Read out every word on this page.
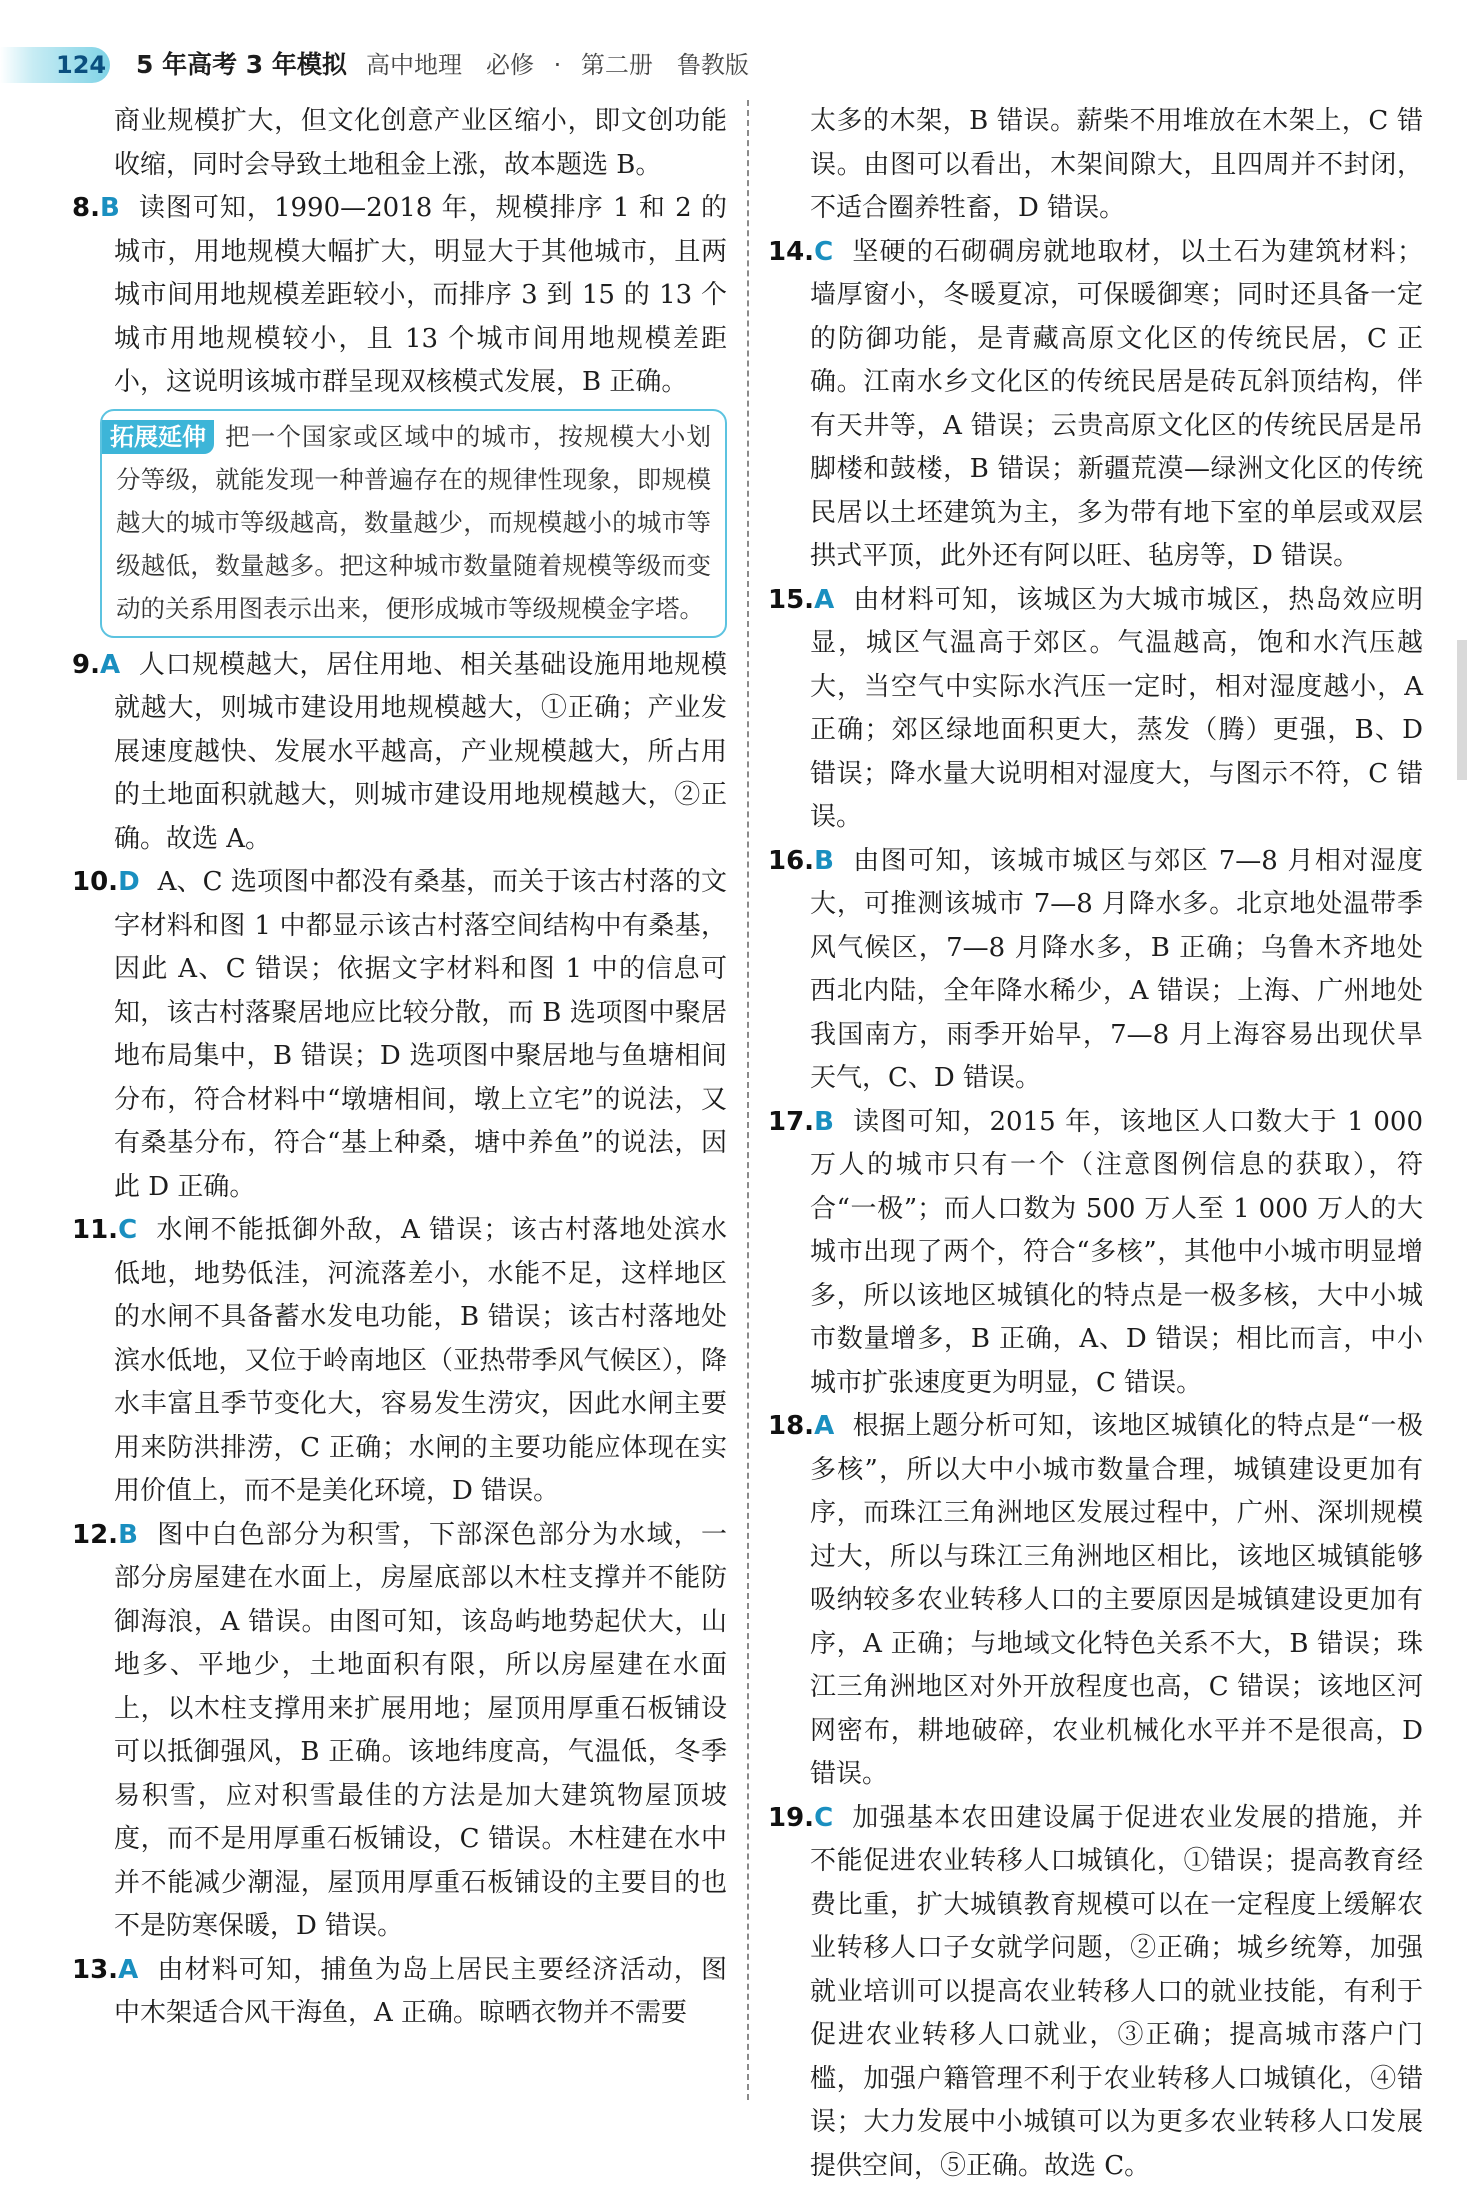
124 5 年高考 3 年模拟 高中地理　必修 · 第二册　鲁教版
商业规模扩大，但文化创意产业区缩小，即文创功能收缩，同时会导致土地租金上涨，故本题选 B。
8.B 读图可知，1990—2018 年，规模排序 1 和 2 的城市，用地规模大幅扩大，明显大于其他城市，且两城市间用地规模差距较小，而排序 3 到 15 的 13 个城市用地规模较小，且 13 个城市间用地规模差距小，这说明该城市群呈现双核模式发展，B 正确。
拓展延伸 把一个国家或区域中的城市，按规模大小划分等级，就能发现一种普遍存在的规律性现象，即规模越大的城市等级越高，数量越少，而规模越小的城市等级越低，数量越多。把这种城市数量随着规模等级而变动的关系用图表示出来，便形成城市等级规模金字塔。
9.A 人口规模越大，居住用地、相关基础设施用地规模就越大，则城市建设用地规模越大，①正确；产业发展速度越快、发展水平越高，产业规模越大，所占用的土地面积就越大，则城市建设用地规模越大，②正确。故选 A。
10.D A、C 选项图中都没有桑基，而关于该古村落的文字材料和图 1 中都显示该古村落空间结构中有桑基，因此 A、C 错误；依据文字材料和图 1 中的信息可知，该古村落聚居地应比较分散，而 B 选项图中聚居地布局集中，B 错误；D 选项图中聚居地与鱼塘相间分布，符合材料中“墩塘相间，墩上立宅”的说法，又有桑基分布，符合“基上种桑，塘中养鱼”的说法，因此 D 正确。
11.C 水闸不能抵御外敌，A 错误；该古村落地处滨水低地，地势低洼，河流落差小，水能不足，这样地区的水闸不具备蓄水发电功能，B 错误；该古村落地处滨水低地，又位于岭南地区（亚热带季风气候区），降水丰富且季节变化大，容易发生涝灾，因此水闸主要用来防洪排涝，C 正确；水闸的主要功能应体现在实用价值上，而不是美化环境，D 错误。
12.B 图中白色部分为积雪，下部深色部分为水域，一部分房屋建在水面上，房屋底部以木柱支撑并不能防御海浪，A 错误。由图可知，该岛屿地势起伏大，山地多、平地少，土地面积有限，所以房屋建在水面上，以木柱支撑用来扩展用地；屋顶用厚重石板铺设可以抵御强风，B 正确。该地纬度高，气温低，冬季易积雪，应对积雪最佳的方法是加大建筑物屋顶坡度，而不是用厚重石板铺设，C 错误。木柱建在水中并不能减少潮湿，屋顶用厚重石板铺设的主要目的也不是防寒保暖，D 错误。
13.A 由材料可知，捕鱼为岛上居民主要经济活动，图中木架适合风干海鱼，A 正确。晾晒衣物并不需要
太多的木架，B 错误。薪柴不用堆放在木架上，C 错误。由图可以看出，木架间隙大，且四周并不封闭，不适合圈养牲畜，D 错误。
14.C 坚硬的石砌碉房就地取材，以土石为建筑材料；墙厚窗小，冬暖夏凉，可保暖御寒；同时还具备一定的防御功能，是青藏高原文化区的传统民居，C 正确。江南水乡文化区的传统民居是砖瓦斜顶结构，伴有天井等，A 错误；云贵高原文化区的传统民居是吊脚楼和鼓楼，B 错误；新疆荒漠—绿洲文化区的传统民居以土坯建筑为主，多为带有地下室的单层或双层拱式平顶，此外还有阿以旺、毡房等，D 错误。
15.A 由材料可知，该城区为大城市城区，热岛效应明显，城区气温高于郊区。气温越高，饱和水汽压越大，当空气中实际水汽压一定时，相对湿度越小，A 正确；郊区绿地面积更大，蒸发（腾）更强，B、D 错误；降水量大说明相对湿度大，与图示不符，C 错误。
16.B 由图可知，该城市城区与郊区 7—8 月相对湿度大，可推测该城市 7—8 月降水多。北京地处温带季风气候区，7—8 月降水多，B 正确；乌鲁木齐地处西北内陆，全年降水稀少，A 错误；上海、广州地处我国南方，雨季开始早，7—8 月上海容易出现伏旱天气，C、D 错误。
17.B 读图可知，2015 年，该地区人口数大于 1 000 万人的城市只有一个（注意图例信息的获取），符合“一极”；而人口数为 500 万人至 1 000 万人的大城市出现了两个，符合“多核”，其他中小城市明显增多，所以该地区城镇化的特点是一极多核，大中小城市数量增多，B 正确，A、D 错误；相比而言，中小城市扩张速度更为明显，C 错误。
18.A 根据上题分析可知，该地区城镇化的特点是“一极多核”，所以大中小城市数量合理，城镇建设更加有序，而珠江三角洲地区发展过程中，广州、深圳规模过大，所以与珠江三角洲地区相比，该地区城镇能够吸纳较多农业转移人口的主要原因是城镇建设更加有序，A 正确；与地域文化特色关系不大，B 错误；珠江三角洲地区对外开放程度也高，C 错误；该地区河网密布，耕地破碎，农业机械化水平并不是很高，D 错误。
19.C 加强基本农田建设属于促进农业发展的措施，并不能促进农业转移人口城镇化，①错误；提高教育经费比重，扩大城镇教育规模可以在一定程度上缓解农业转移人口子女就学问题，②正确；城乡统筹，加强就业培训可以提高农业转移人口的就业技能，有利于促进农业转移人口就业，③正确；提高城市落户门槛，加强户籍管理不利于农业转移人口城镇化，④错误；大力发展中小城镇可以为更多农业转移人口发展提供空间，⑤正确。故选 C。
